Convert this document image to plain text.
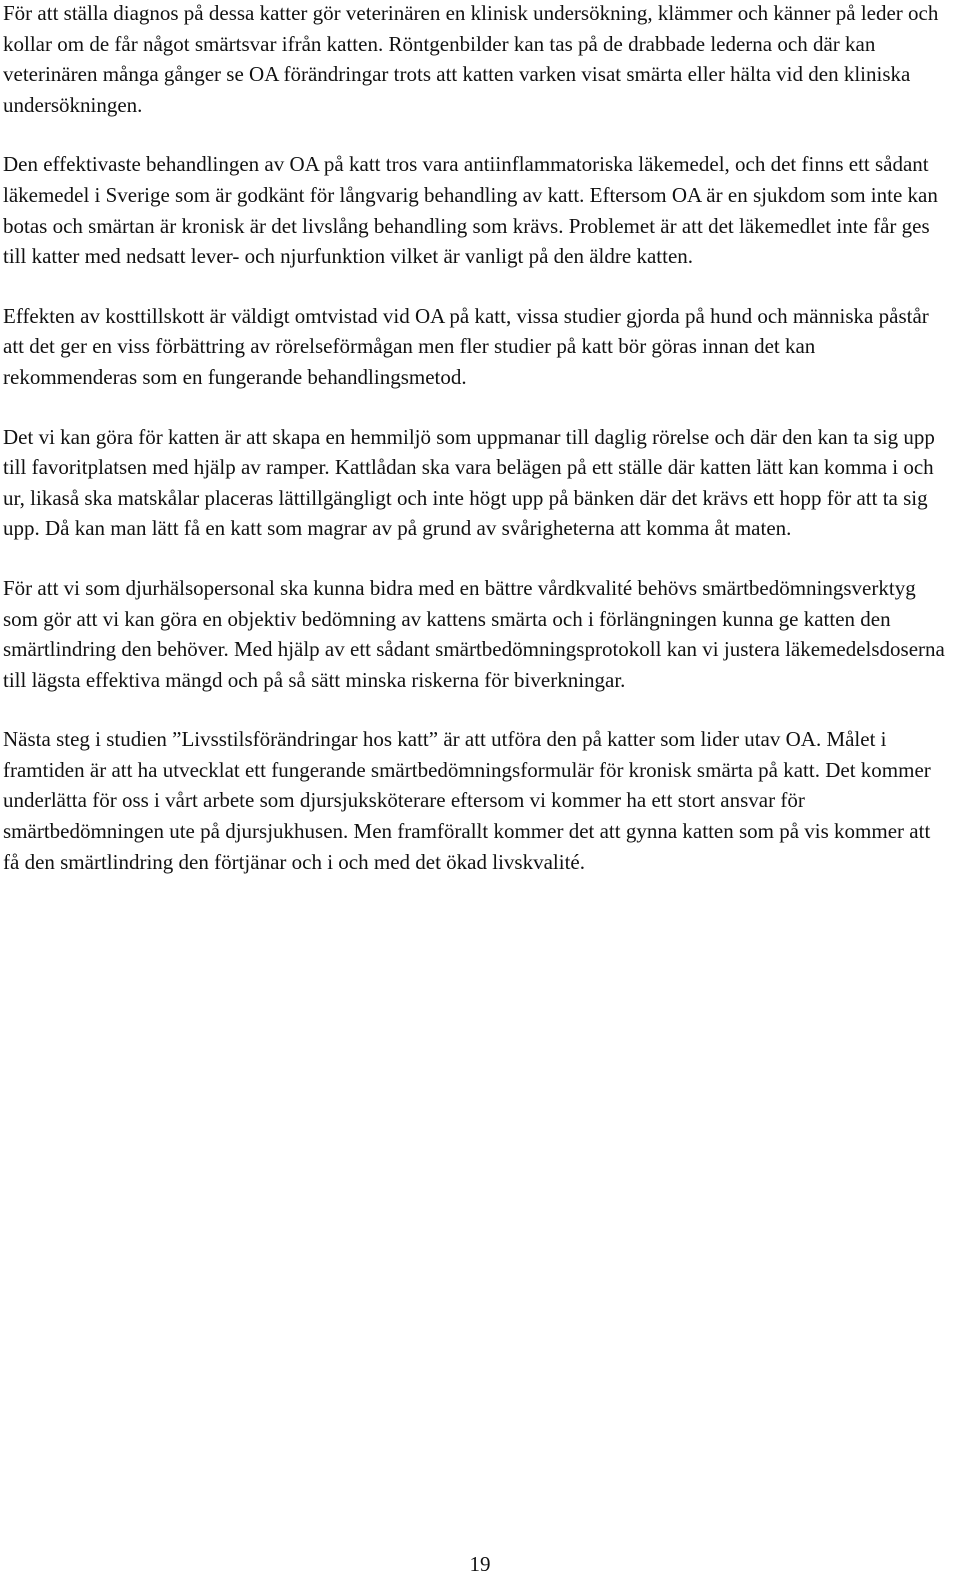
För att ställa diagnos på dessa katter gör veterinären en klinisk undersökning, klämmer och känner på leder och kollar om de får något smärtsvar ifrån katten. Röntgenbilder kan tas på de drabbade lederna och där kan veterinären många gånger se OA förändringar trots att katten varken visat smärta eller hälta vid den kliniska undersökningen.

Den effektivaste behandlingen av OA på katt tros vara antiinflammatoriska läkemedel, och det finns ett sådant läkemedel i Sverige som är godkänt för långvarig behandling av katt. Eftersom OA är en sjukdom som inte kan botas och smärtan är kronisk är det livslång behandling som krävs. Problemet är att det läkemedlet inte får ges till katter med nedsatt lever- och njurfunktion vilket är vanligt på den äldre katten.

Effekten av kosttillskott är väldigt omtvistad vid OA på katt, vissa studier gjorda på hund och människa påstår att det ger en viss förbättring av rörelseförmågan men fler studier på katt bör göras innan det kan rekommenderas som en fungerande behandlingsmetod.

Det vi kan göra för katten är att skapa en hemmiljö som uppmanar till daglig rörelse och där den kan ta sig upp till favoritplatsen med hjälp av ramper. Kattlådan ska vara belägen på ett ställe där katten lätt kan komma i och ur, likaså ska matskålar placeras lättillgängligt och inte högt upp på bänken där det krävs ett hopp för att ta sig upp. Då kan man lätt få en katt som magrar av på grund av svårigheterna att komma åt maten.

För att vi som djurhälsopersonal ska kunna bidra med en bättre vårdkvalité behövs smärtbedömningsverktyg som gör att vi kan göra en objektiv bedömning av kattens smärta och i förlängningen kunna ge katten den smärtlindring den behöver. Med hjälp av ett sådant smärtbedömningsprotokoll kan vi justera läkemedelsdoserna till lägsta effektiva mängd och på så sätt minska riskerna för biverkningar.

Nästa steg i studien ”Livsstilsförändringar hos katt” är att utföra den på katter som lider utav OA. Målet i framtiden är att ha utvecklat ett fungerande smärtbedömningsformulär för kronisk smärta på katt. Det kommer underlätta för oss i vårt arbete som djursjuksköterare eftersom vi kommer ha ett stort ansvar för smärtbedömningen ute på djursjukhusen. Men framförallt kommer det att gynna katten som på vis kommer att få den smärtlindring den förtjänar och i och med det ökad livskvalité.

19
